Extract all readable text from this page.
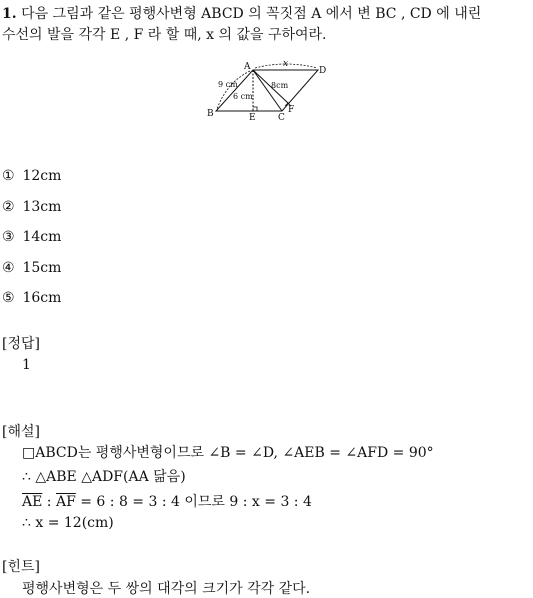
1. 다음 그림과 같은 평행사변형 ABCD 의 꼭짓점 A 에서 변 BC , CD 에 내린
수선의 발을 각각 E , F 라 할 때, x 의 값을 구하여라.
A	D
B	E C
F
x
9 cm
6 cm
8cm
① 12cm
② 13cm
③ 14cm
④ 15cm
⑤ 16cm
[정답]
1
[해설]
□ABCD는 평행사변형이므로 ∠B = ∠D, ∠AEB = ∠AFD = 90°
∴ △ABE △ADF(AA 닮음)
$\overline{AE}$ : $\overline{AF} = 6$ : 8 = 3 : 4 이므로 9 : x = 3 : 4
∴ x = 12(cm)
[힌트]
평행사변형은 두 쌍의 대각의 크기가 각각 같다.
